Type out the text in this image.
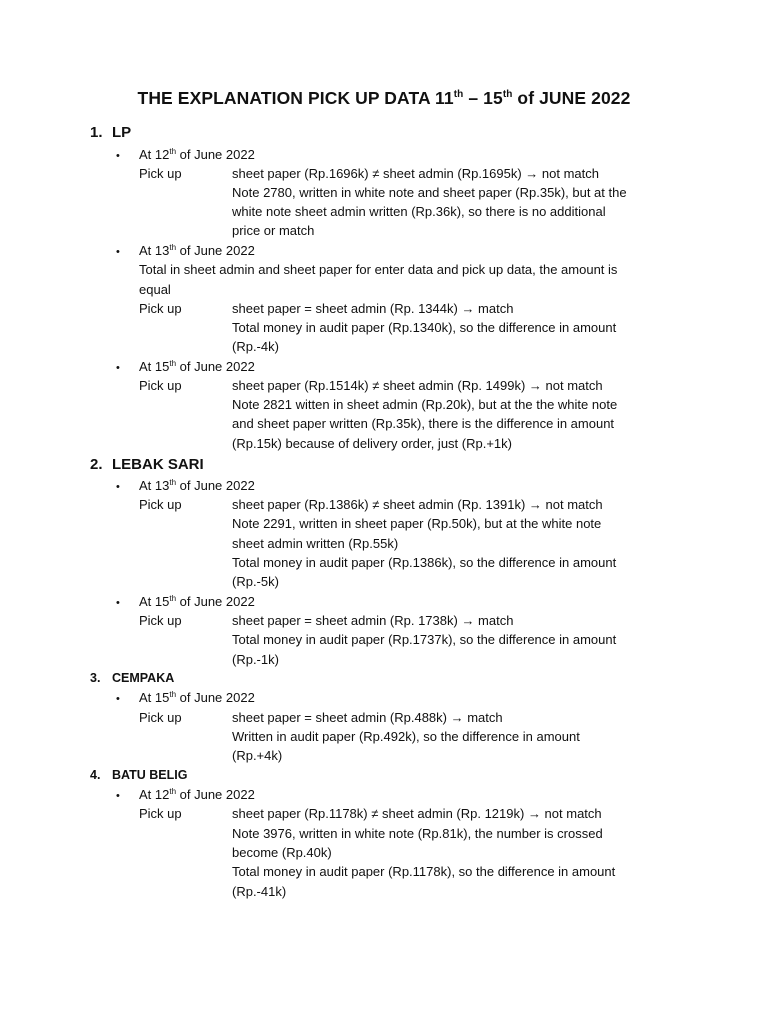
THE EXPLANATION PICK UP DATA 11th – 15th of JUNE 2022
1. LP
• At 12th of June 2022
Pick up	sheet paper (Rp.1696k) ≠ sheet admin (Rp.1695k) → not match
Note 2780, written in white note and sheet paper (Rp.35k), but at the
white note sheet admin written (Rp.36k), so there is no additional
price or match
• At 13th of June 2022
Total in sheet admin and sheet paper for enter data and pick up data, the amount is
equal
Pick up	sheet paper = sheet admin (Rp. 1344k) → match
Total money in audit paper (Rp.1340k), so the difference in amount
(Rp.-4k)
• At 15th of June 2022
Pick up	sheet paper (Rp.1514k) ≠ sheet admin (Rp. 1499k) → not match
Note 2821 witten in sheet admin (Rp.20k), but at the the white note
and sheet paper written (Rp.35k), there is the difference in amount
(Rp.15k) because of delivery order, just (Rp.+1k)
2. LEBAK SARI
• At 13th of June 2022
Pick up	sheet paper (Rp.1386k) ≠ sheet admin (Rp. 1391k) → not match
Note 2291, written in sheet paper (Rp.50k), but at the white note
sheet admin written (Rp.55k)
Total money in audit paper (Rp.1386k), so the difference in amount
(Rp.-5k)
• At 15th of June 2022
Pick up	sheet paper = sheet admin (Rp. 1738k) → match
Total money in audit paper (Rp.1737k), so the difference in amount
(Rp.-1k)
3. CEMPAKA
• At 15th of June 2022
Pick up	sheet paper = sheet admin (Rp.488k) → match
Written in audit paper (Rp.492k), so the difference in amount
(Rp.+4k)
4. BATU BELIG
• At 12th of June 2022
Pick up	sheet paper (Rp.1178k) ≠ sheet admin (Rp. 1219k) → not match
Note 3976, written in white note (Rp.81k), the number is crossed
become (Rp.40k)
Total money in audit paper (Rp.1178k), so the difference in amount
(Rp.-41k)
